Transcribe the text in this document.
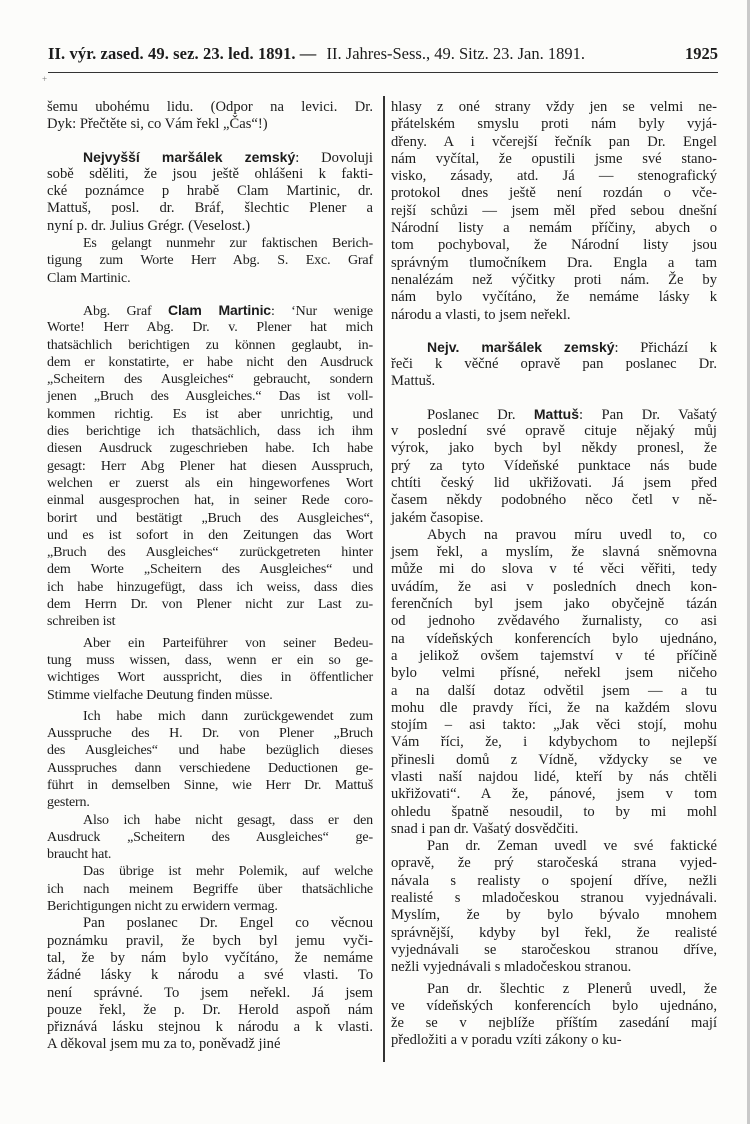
II. výr. zased. 49. sez. 23. led. 1891. — II. Jahres-Sess., 49. Sitz. 23. Jan. 1891.	1925
+
šemu ubohému lidu. (Odpor na levici. Dr.
Dyk: Přečtěte si, co Vám řekl „Čas“!)
Nejvyšší maršálek zemský: Dovoluji
sobě sděliti, že jsou ještě ohlášeni k fakti-
cké poznámce p hrabě Clam Martinic, dr.
Mattuš, posl. dr. Bráf, šlechtic Plener a
nyní p. dr. Julius Grégr. (Veselost.)
Es gelangt nunmehr zur faktischen Berich-
tigung zum Worte Herr Abg. S. Exc. Graf
Clam Martinic.
Abg. Graf Clam Martinic: ‘Nur wenige
Worte! Herr Abg. Dr. v. Plener hat mich
thatsächlich berichtigen zu können geglaubt, in-
dem er konstatirte, er habe nicht den Ausdruck
„Scheitern des Ausgleiches“ gebraucht, sondern
jenen „Bruch des Ausgleiches.“ Das ist voll-
kommen richtig. Es ist aber unrichtig, und
dies berichtige ich thatsächlich, dass ich ihm
diesen Ausdruck zugeschrieben habe. Ich habe
gesagt: Herr Abg Plener hat diesen Ausspruch,
welchen er zuerst als ein hingeworfenes Wort
einmal ausgesprochen hat, in seiner Rede coro-
borirt und bestätigt „Bruch des Ausgleiches“,
und es ist sofort in den Zeitungen das Wort
„Bruch des Ausgleiches“ zurückgetreten hinter
dem Worte „Scheitern des Ausgleiches“ und
ich habe hinzugefügt, dass ich weiss, dass dies
dem Herrn Dr. von Plener nicht zur Last zu-
schreiben ist
Aber ein Parteiführer von seiner Bedeu-
tung muss wissen, dass, wenn er ein so ge-
wichtiges Wort ausspricht, dies in öffentlicher
Stimme vielfache Deutung finden müsse.
Ich habe mich dann zurückgewendet zum
Ausspruche des H. Dr. von Plener „Bruch
des Ausgleiches“ und habe bezüglich dieses
Ausspruches dann verschiedene Deductionen ge-
führt in demselben Sinne, wie Herr Dr. Mattuš
gestern.
Also ich habe nicht gesagt, dass er den
Ausdruck „Scheitern des Ausgleiches“ ge-
braucht hat.
Das übrige ist mehr Polemik, auf welche
ich nach meinem Begriffe über thatsächliche
Berichtigungen nicht zu erwidern vermag.
Pan poslanec Dr. Engel co věcnou
poznámku pravil, že bych byl jemu vyči-
tal, že by nám bylo vyčítáno, že nemáme
žádné lásky k národu a své vlasti. To
není správné. To jsem neřekl. Já jsem
pouze řekl, že p. Dr. Herold aspoň nám
přiznává lásku stejnou k národu a k vlasti.
A děkoval jsem mu za to, poněvadž jiné
hlasy z oné strany vždy jen se velmi ne-
přátelském smyslu proti nám byly vyjá-
dřeny. A i včerejší řečník pan Dr. Engel
nám vyčítal, že opustili jsme své stano-
visko, zásady, atd. Já — stenografický
protokol dnes ještě není rozdán o vče-
rejší schůzi — jsem měl před sebou dnešní
Národní listy a nemám příčiny, abych o
tom pochyboval, že Národní listy jsou
správným tlumočníkem Dra. Engla a tam
nenalézám než výčitky proti nám. Že by
nám bylo vyčítáno, že nemáme lásky k
národu a vlasti, to jsem neřekl.
Nejv. maršálek zemský: Přichází k
řeči k věčné opravě pan poslanec Dr.
Mattuš.
Poslanec Dr. Mattuš: Pan Dr. Vašatý
v poslední své opravě cituje nějaký můj
výrok, jako bych byl někdy pronesl, že
prý za tyto Vídeňské punktace nás bude
chtíti český lid ukřižovati. Já jsem před
časem někdy podobného něco četl v ně-
jakém časopise.
Abych na pravou míru uvedl to, co
jsem řekl, a myslím, že slavná sněmovna
může mi do slova v té věci věřiti, tedy
uvádím, že asi v posledních dnech kon-
ferenčních byl jsem jako obyčejně tázán
od jednoho zvědavého žurnalisty, co asi
na vídeňských konferencích bylo ujednáno,
a jelikož ovšem tajemství v té příčině
bylo velmi přísné, neřekl jsem ničeho
a na další dotaz odvětil jsem — a tu
mohu dle pravdy říci, že na každém slovu
stojím – asi takto: „Jak věci stojí, mohu
Vám říci, že, i kdybychom to nejlepší
přinesli domů z Vídně, vždycky se ve
vlasti naší najdou lidé, kteří by nás chtěli
ukřižovati“. A že, pánové, jsem v tom
ohledu špatně nesoudil, to by mi mohl
snad i pan dr. Vašatý dosvědčiti.
Pan dr. Zeman uvedl ve své faktické
opravě, že prý staročeská strana vyjed-
návala s realisty o spojení dříve, nežli
realisté s mladočeskou stranou vyjednávali.
Myslím, že by bylo bývalo mnohem
správnější, kdyby byl řekl, že realisté
vyjednávali se staročeskou stranou dříve,
nežli vyjednávali s mladočeskou stranou.
Pan dr. šlechtic z Plenerů uvedl, že
ve vídeňských konferencích bylo ujednáno,
že se v nejblíže příštím zasedání mají
předložiti a v poradu vzíti zákony o ku-
